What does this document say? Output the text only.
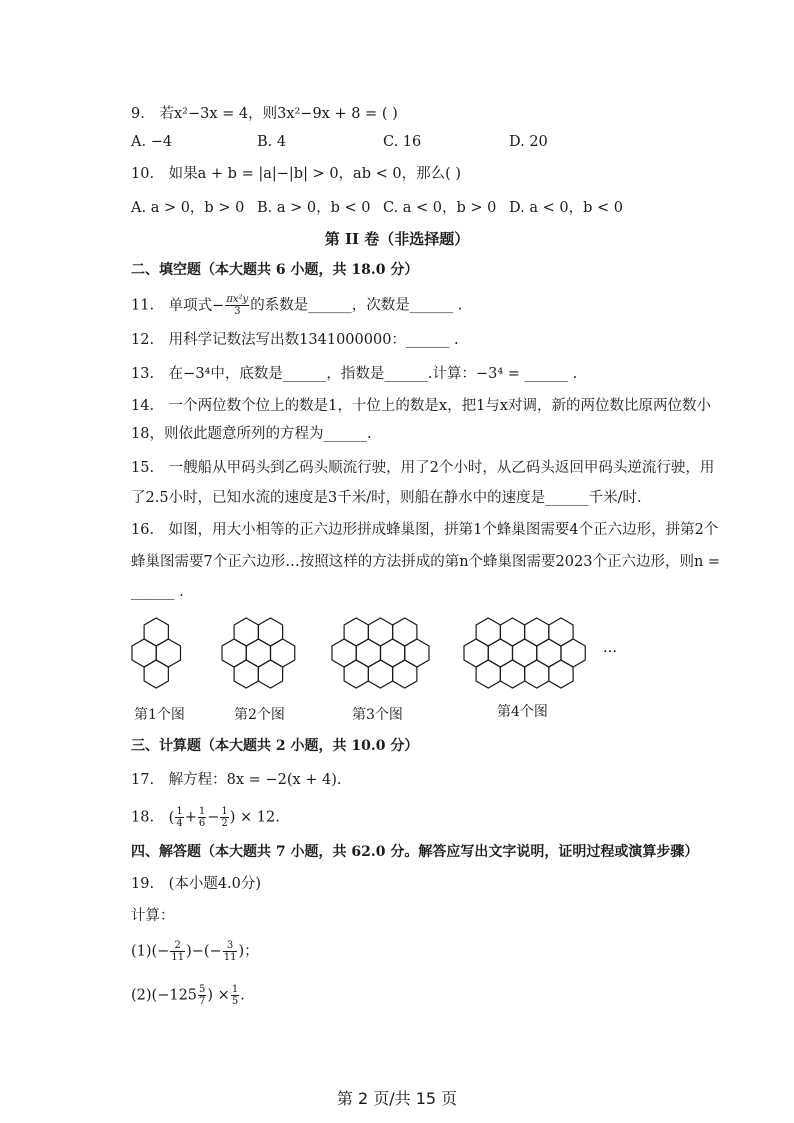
9. 若x²−3x = 4，则3x²−9x + 8 = ( )
A. −4	B. 4	C. 16	D. 20
10. 如果a + b = |a|−|b| > 0，ab < 0，那么( )
A. a > 0，b > 0 B. a > 0，b < 0 C. a < 0，b > 0 D. a < 0，b < 0
第 II 卷（非选择题）
二、填空题（本大题共 6 小题，共 18.0 分）
11. 单项式− $\frac{\text{πx²y}}{3}$ 的系数是______，次数是______ .
12. 用科学记数法写出数1341000000：______ .
13. 在−3⁴中，底数是______，指数是______.计算：−3⁴ = ______ .
14. 一个两位数个位上的数是1，十位上的数是x，把1与x对调，新的两位数比原两位数小
18，则依此题意所列的方程为______.
15. 一艘船从甲码头到乙码头顺流行驶，用了2个小时，从乙码头返回甲码头逆流行驶，用
了2.5小时，已知水流的速度是3千米/时，则船在静水中的速度是______千米/时.
16. 如图，用大小相等的正六边形拼成蜂巢图，拼第1个蜂巢图需要4个正六边形，拼第2个
蜂巢图需要7个正六边形…按照这样的方法拼成的第n个蜂巢图需要2023个正六边形，则n =
______ .
…
第1个图	第2个图	第3个图	第4个图
三、计算题（本大题共 2 小题，共 10.0 分）
17. 解方程：8x = −2(x + 4).
18. ( $\frac{1}{4} + \frac{1}{6} - \frac{1}{2}$ ) × 12.
四、解答题（本大题共 7 小题，共 62.0 分。解答应写出文字说明，证明过程或演算步骤）
19. (本小题4.0分)
计算：
$(1)(- \frac{2}{11}$ )−(− $\frac{3}{11}$ )；
$(2)(-125 \frac{5}{7}$ ) × $\frac{1}{5}$ .
第 2 页/共 15 页
